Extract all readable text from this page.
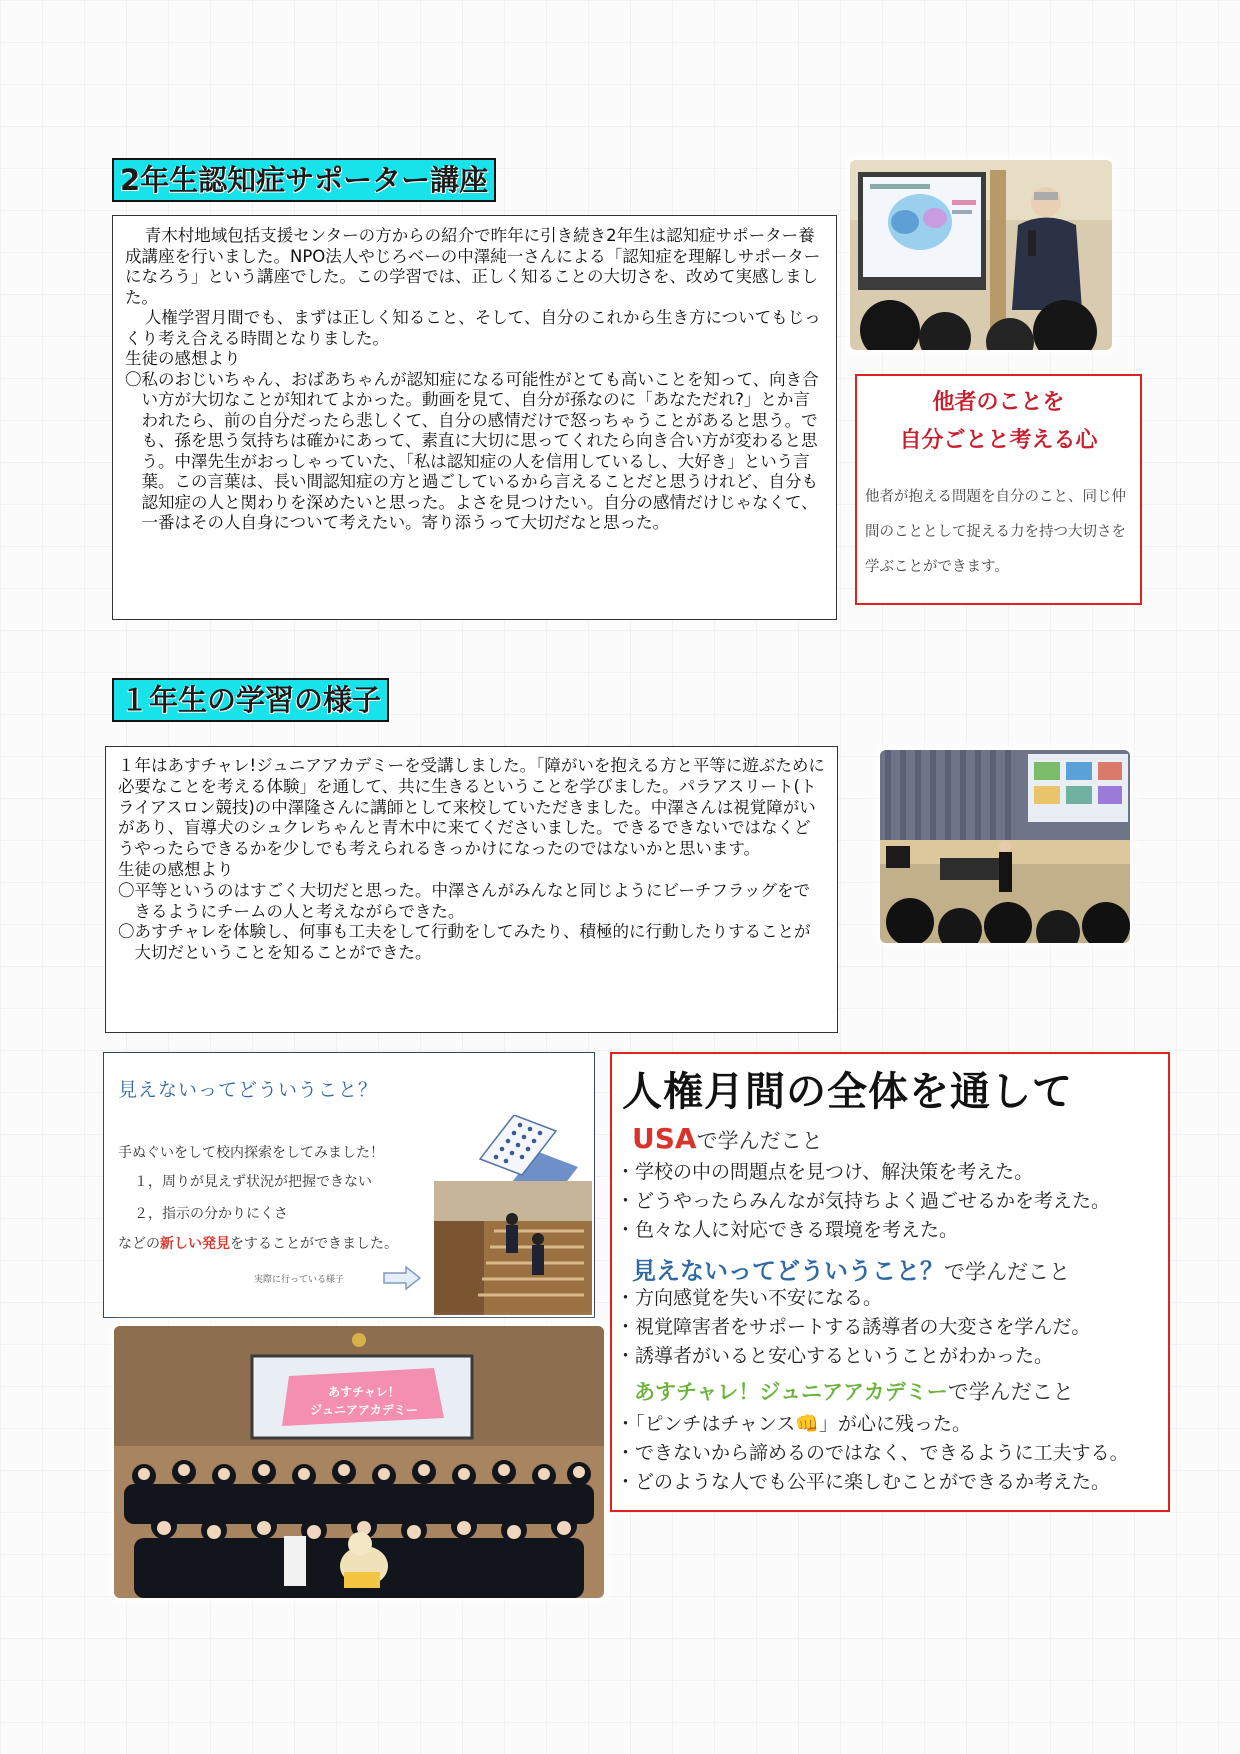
2年生認知症サポーター講座

青木村地域包括支援センターの方からの紹介で昨年に引き続き2年生は認知症サポーター養成講座を行いました。NPO法人やじろベーの中澤純一さんによる「認知症を理解しサポーターになろう」という講座でした。この学習では、正しく知ることの大切さを、改めて実感しました。

人権学習月間でも、まずは正しく知ること、そして、自分のこれから生き方についてもじっくり考え合える時間となりました。

生徒の感想より

〇私のおじいちゃん、おばあちゃんが認知症になる可能性がとても高いことを知って、向き合い方が大切なことが知れてよかった。動画を見て、自分が孫なのに「あなただれ?」とか言われたら、前の自分だったら悲しくて、自分の感情だけで怒っちゃうことがあると思う。でも、孫を思う気持ちは確かにあって、素直に大切に思ってくれたら向き合い方が変わると思う。中澤先生がおっしゃっていた、「私は認知症の人を信用しているし、大好き」という言葉。この言葉は、長い間認知症の方と過ごしているから言えることだと思うけれど、自分も認知症の人と関わりを深めたいと思った。よさを見つけたい。自分の感情だけじゃなくて、一番はその人自身について考えたい。寄り添うって大切だなと思った。

他者のことを
自分ごとと考える心
他者が抱える問題を自分のこと、同じ仲
間のこととして捉える力を持つ大切さを
学ぶことができます。
１年生の学習の様子

１年はあすチャレ!ジュニアアカデミーを受講しました。「障がいを抱える方と平等に遊ぶために必要なことを考える体験」を通して、共に生きるということを学びました。パラアスリート(トライアスロン競技)の中澤隆さんに講師として来校していただきました。中澤さんは視覚障がいがあり、盲導犬のシュクレちゃんと青木中に来てくださいました。できるできないではなくどうやったらできるかを少しでも考えられるきっかけになったのではないかと思います。

生徒の感想より

〇平等というのはすごく大切だと思った。中澤さんがみんなと同じようにビーチフラッグをできるようにチームの人と考えながらできた。

〇あすチャレを体験し、何事も工夫をして行動をしてみたり、積極的に行動したりすることが大切だということを知ることができた。

見えないってどういうこと？
手ぬぐいをして校内探索をしてみました！
１，周りが見えず状況が把握できない
２，指示の分かりにくさ
などの新しい発見をすることができました。
実際に行っている様子
あすチャレ！
ジュニアアカデミー
人権月間の全体を通して
USAで学んだこと
・学校の中の問題点を見つけ、解決策を考えた。
・どうやったらみんなが気持ちよく過ごせるかを考えた。
・色々な人に対応できる環境を考えた。
見えないってどういうこと？で学んだこと
・方向感覚を失い不安になる。
・視覚障害者をサポートする誘導者の大変さを学んだ。
・誘導者がいると安心するということがわかった。
あすチャレ！ジュニアアカデミーで学んだこと
・「ピンチはチャンス👊」が心に残った。
・できないから諦めるのではなく、できるように工夫する。
・どのような人でも公平に楽しむことができるか考えた。
